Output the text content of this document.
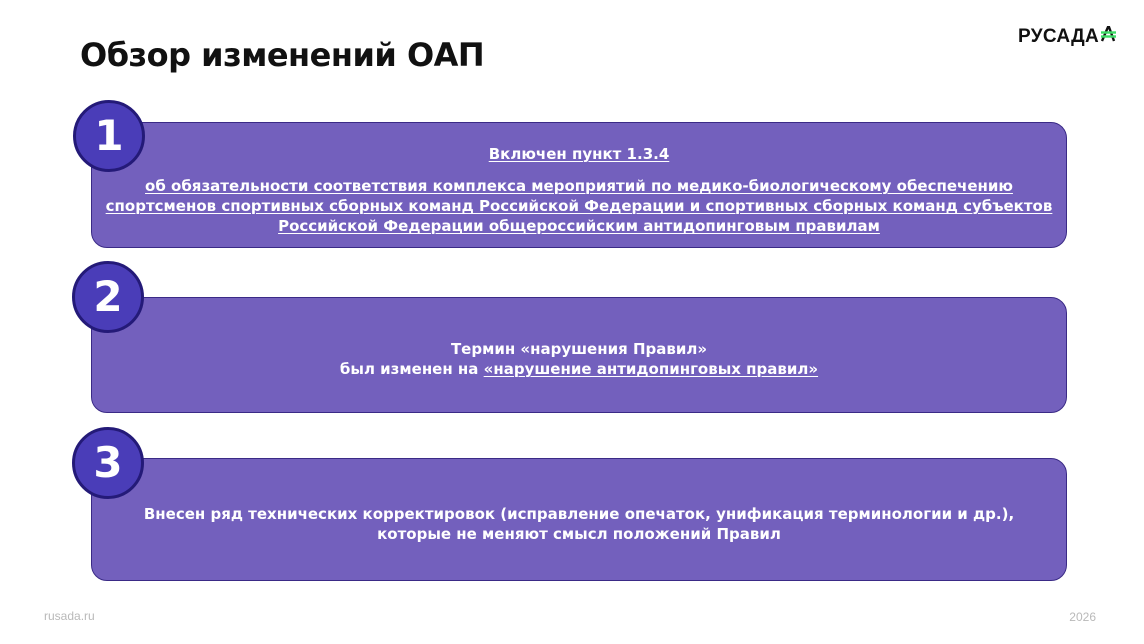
Обзор изменений ОАП	РУСАДА
Включен пункт 1.3.4
об обязательности соответствия комплекса мероприятий по медико-биологическому обеспечению
спортсменов спортивных сборных команд Российской Федерации и спортивных сборных команд субъектов
Российской Федерации общероссийским антидопинговым правилам
1
Термин «нарушения Правил»
был изменен на «нарушение антидопинговых правил»
2
Внесен ряд технических корректировок (исправление опечаток, унификация терминологии и др.),
которые не меняют смысл положений Правил
3
rusada.ru	2026
